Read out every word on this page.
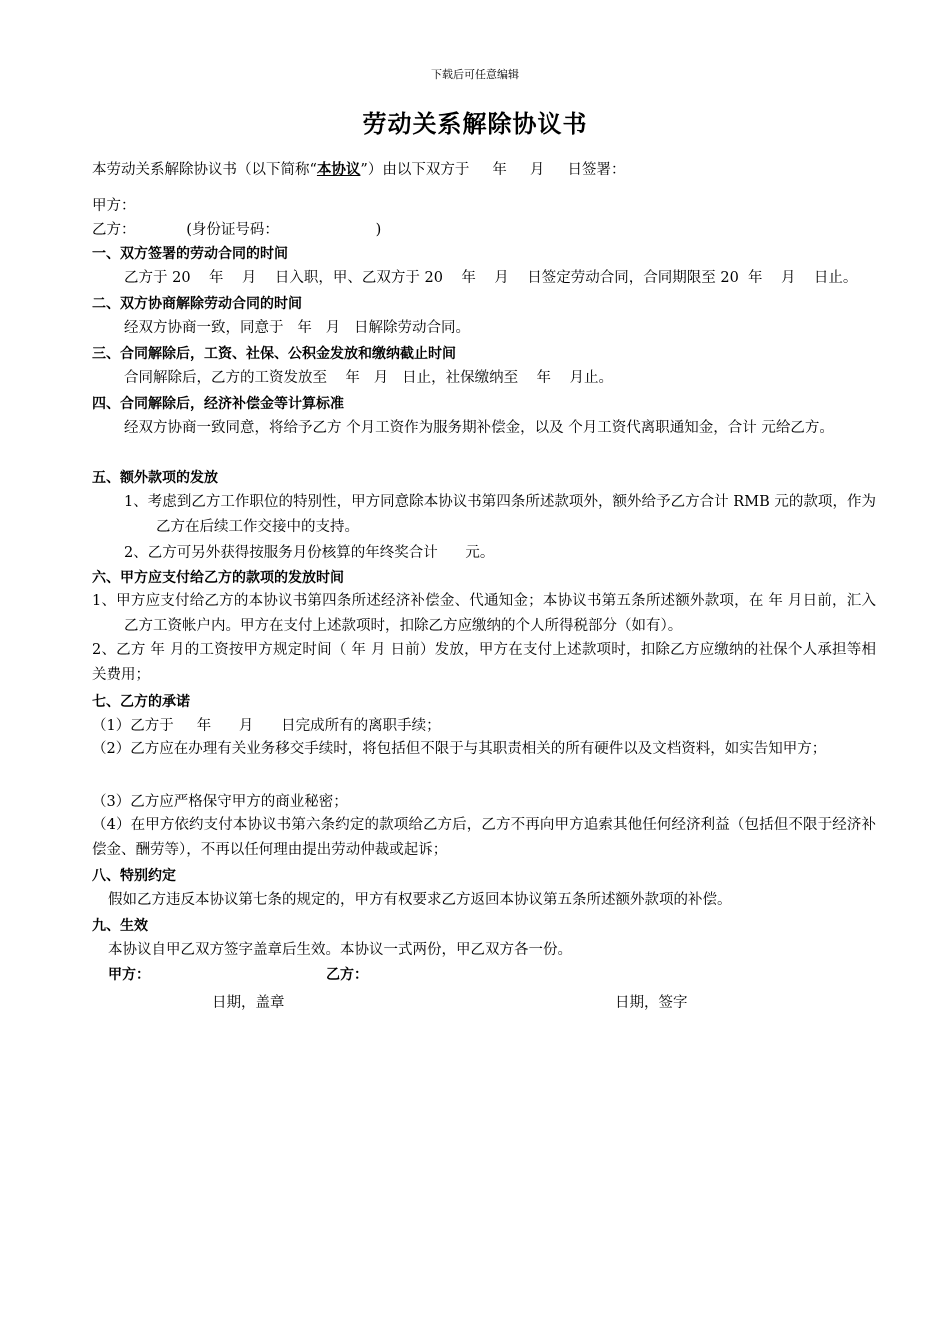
下载后可任意编辑
劳动关系解除协议书
本劳动关系解除协议书（以下简称“本协议”）由以下双方于     年     月     日签署：
甲方：
乙方：           (身份证号码：                     )
一、双方签署的劳动合同的时间
乙方于 20    年    月    日入职，甲、乙双方于 20    年    月    日签定劳动合同，合同期限至 20  年    月    日止。
二、双方协商解除劳动合同的时间
经双方协商一致，同意于   年   月   日解除劳动合同。
三、合同解除后，工资、社保、公积金发放和缴纳截止时间
合同解除后，乙方的工资发放至    年   月   日止，社保缴纳至    年    月止。
四、合同解除后，经济补偿金等计算标准
经双方协商一致同意，将给予乙方 个月工资作为服务期补偿金，以及 个月工资代离职通知金，合计 元给乙方。
五、额外款项的发放
1、考虑到乙方工作职位的特别性，甲方同意除本协议书第四条所述款项外，额外给予乙方合计 RMB 元的款项，作为乙方在后续工作交接中的支持。
2、乙方可另外获得按服务月份核算的年终奖合计      元。
六、甲方应支付给乙方的款项的发放时间
1、甲方应支付给乙方的本协议书第四条所述经济补偿金、代通知金；本协议书第五条所述额外款项，在 年 月日前，汇入乙方工资帐户内。甲方在支付上述款项时，扣除乙方应缴纳的个人所得税部分（如有）。
2、乙方 年 月的工资按甲方规定时间（ 年 月 日前）发放，甲方在支付上述款项时，扣除乙方应缴纳的社保个人承担等相关费用；
七、乙方的承诺
（1）乙方于     年      月      日完成所有的离职手续；
（2）乙方应在办理有关业务移交手续时，将包括但不限于与其职责相关的所有硬件以及文档资料，如实告知甲方；
（3）乙方应严格保守甲方的商业秘密；
（4）在甲方依约支付本协议书第六条约定的款项给乙方后，乙方不再向甲方追索其他任何经济利益（包括但不限于经济补偿金、酬劳等），不再以任何理由提出劳动仲裁或起诉；
八、特别约定
假如乙方违反本协议第七条的规定的，甲方有权要求乙方返回本协议第五条所述额外款项的补偿。
九、生效
本协议自甲乙双方签字盖章后生效。本协议一式两份，甲乙双方各一份。
甲方：	乙方：
日期，盖章	日期，签字
